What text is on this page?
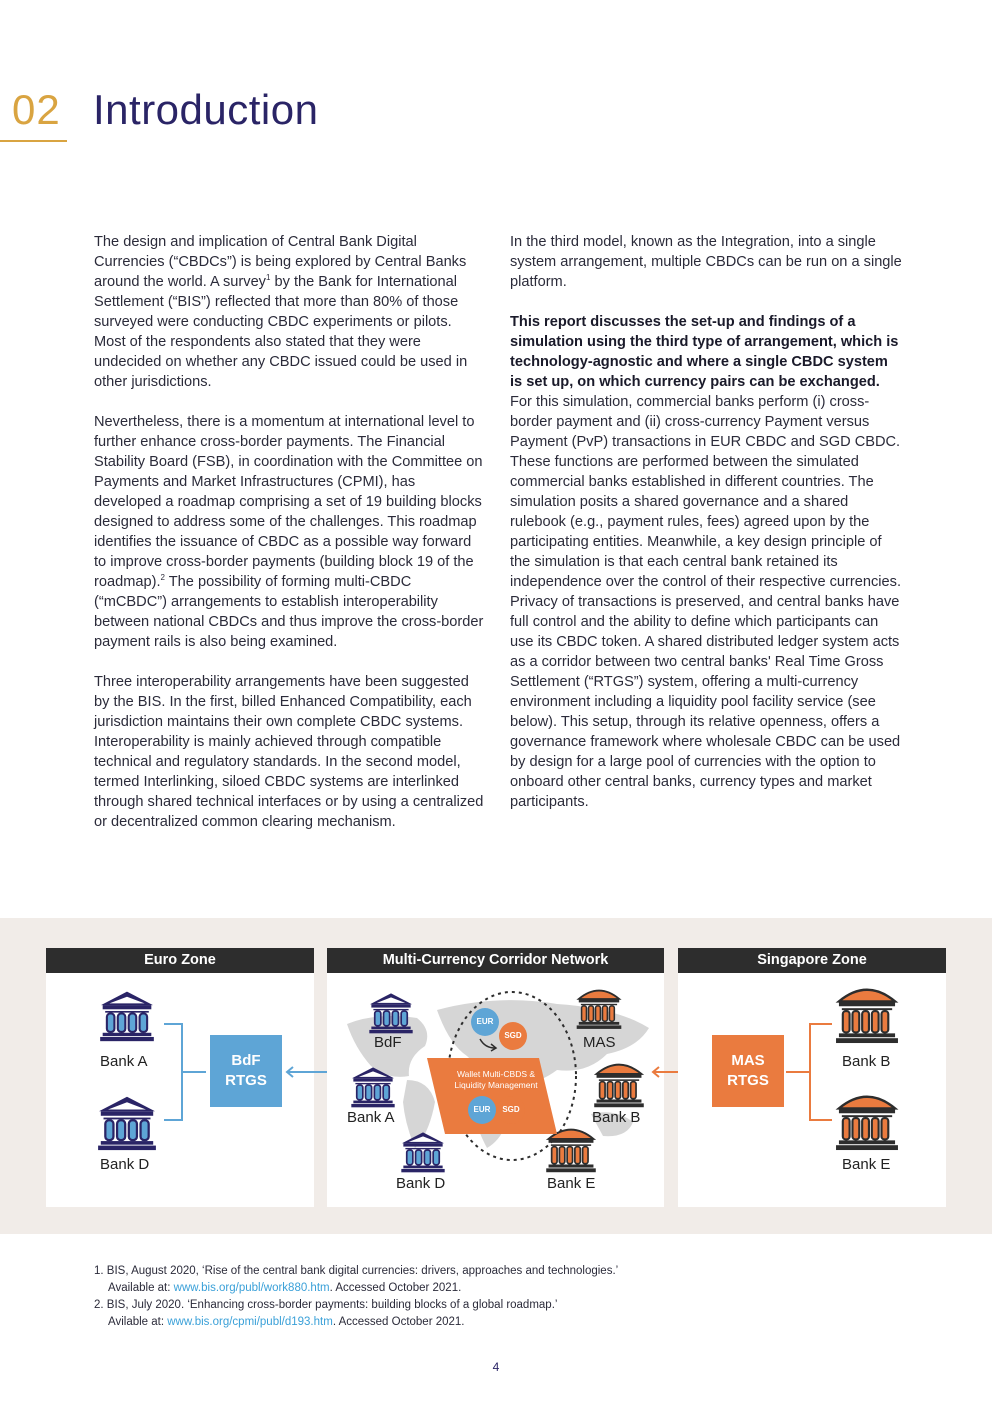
02 Introduction

The design and implication of Central Bank Digital Currencies (“CBDCs”) is being explored by Central Banks around the world. A survey$^1$ by the Bank for International Settlement (“BIS”) reflected that more than 80% of those surveyed were conducting CBDC experiments or pilots. Most of the respondents also stated that they were undecided on whether any CBDC issued could be used in other jurisdictions.

Nevertheless, there is a momentum at international level to further enhance cross-border payments. The Financial Stability Board (FSB), in coordination with the Committee on Payments and Market Infrastructures (CPMI), has developed a roadmap comprising a set of 19 building blocks designed to address some of the challenges. This roadmap identifies the issuance of CBDC as a possible way forward to improve cross-border payments (building block 19 of the roadmap).$^2$ The possibility of forming multi-CBDC (“mCBDC”) arrangements to establish interoperability between national CBDCs and thus improve the cross-border payment rails is also being examined.

Three interoperability arrangements have been suggested by the BIS. In the first, billed Enhanced Compatibility, each jurisdiction maintains their own complete CBDC systems. Interoperability is mainly achieved through compatible technical and regulatory standards. In the second model, termed Interlinking, siloed CBDC systems are interlinked through shared technical interfaces or by using a centralized or decentralized common clearing mechanism.

In the third model, known as the Integration, into a single system arrangement, multiple CBDCs can be run on a single platform.

This report discusses the set-up and findings of a simulation using the third type of arrangement, which is technology-agnostic and where a single CBDC system is set up, on which currency pairs can be exchanged. For this simulation, commercial banks perform (i) cross-border payment and (ii) cross-currency Payment versus Payment (PvP) transactions in EUR CBDC and SGD CBDC. These functions are performed between the simulated commercial banks established in different countries. The simulation posits a shared governance and a shared rulebook (e.g., payment rules, fees) agreed upon by the participating entities. Meanwhile, a key design principle of the simulation is that each central bank retained its independence over the control of their respective currencies. Privacy of transactions is preserved, and central banks have full control and the ability to define which participants can use its CBDC token. A shared distributed ledger system acts as a corridor between two central banks' Real Time Gross Settlement (“RTGS”) system, offering a multi-currency environment including a liquidity pool facility service (see below). This setup, through its relative openness, offers a governance framework where wholesale CBDC can be used by design for a large pool of currencies with the option to onboard other central banks, currency types and market participants.

Euro Zone
Bank A
Bank D
BdF
RTGS
Multi-Currency Corridor Network
BdF	MAS
Bank A	Bank B
Bank D	Bank E
Wallet Multi-CBDS &
Liquidity Management
EUR	SGD
EUR
SGD
Singapore Zone
MAS
RTGS
Bank B
Bank E
1. BIS, August 2020, ‘Rise of the central bank digital currencies: drivers, approaches and technologies.’
Available at: www.bis.org/publ/work880.htm. Accessed October 2021.
2. BIS, July 2020. ‘Enhancing cross-border payments: building blocks of a global roadmap.’
Avilable at: www.bis.org/cpmi/publ/d193.htm. Accessed October 2021.
4
